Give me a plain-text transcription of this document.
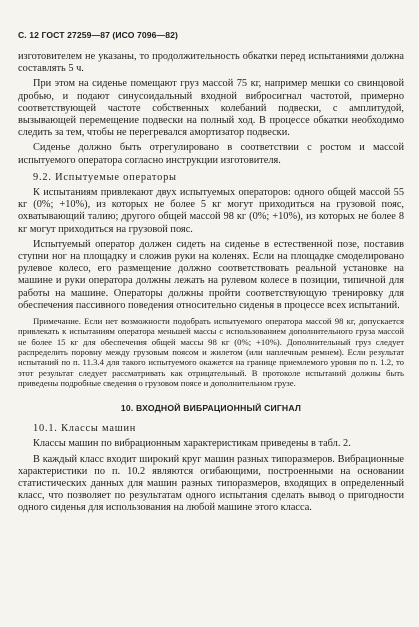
С. 12 ГОСТ 27259—87 (ИСО 7096—82)

изготовителем не указаны, то продолжительность обкатки перед испытаниями должна составлять 5 ч.

При этом на сиденье помещают груз массой 75 кг, например мешки со свинцовой дробью, и подают синусоидальный входной вибросигнал частотой, примерно соответствующей частоте собственных колебаний подвески, с амплитудой, вызывающей перемещение подвески на полный ход. В процессе обкатки необходимо следить за тем, чтобы не перегревался амортизатор подвески.

Сиденье должно быть отрегулировано в соответствии с ростом и массой испытуемого оператора согласно инструкции изготовителя.

9.2. Испытуемые операторы

К испытаниям привлекают двух испытуемых операторов: одного общей массой 55 кг (0%; +10%), из которых не более 5 кг могут приходиться на грузовой пояс, охватывающий талию; другого общей массой 98 кг (0%; +10%), из которых не более 8 кг могут приходиться на грузовой пояс.

Испытуемый оператор должен сидеть на сиденье в естественной позе, поставив ступни ног на площадку и сложив руки на коленях. Если на площадке смоделировано рулевое колесо, его размещение должно соответствовать реальной установке на машине и руки оператора должны лежать на рулевом колесе в позиции, типичной для работы на машине. Операторы должны пройти соответствующую тренировку для обеспечения пассивного поведения относительно сиденья в процессе всех испытаний.

Примечание. Если нет возможности подобрать испытуемого оператора массой 98 кг, допускается привлекать к испытаниям оператора меньшей массы с использованием дополнительного груза массой не более 15 кг для обеспечения общей массы 98 кг (0%; +10%). Дополнительный груз следует распределить поровну между грузовым поясом и жилетом (или наплечным ремнем). Если результат испытаний по п. 11.3.4 для такого испытуемого окажется на границе приемлемого уровня по п. 1.2, то этот результат следует рассматривать как отрицательный. В протоколе испытаний должны быть приведены подробные сведения о грузовом поясе и дополнительном грузе.

10. ВХОДНОЙ ВИБРАЦИОННЫЙ СИГНАЛ
10.1. Классы машин

Классы машин по вибрационным характеристикам приведены в табл. 2.

В каждый класс входит широкий круг машин разных типоразмеров. Вибрационные характеристики по п. 10.2 являются огибающими, построенными на основании статистических данных для машин разных типоразмеров, входящих в определенный класс, что позволяет по результатам одного испытания сделать вывод о пригодности одного сиденья для использования на любой машине этого класса.
